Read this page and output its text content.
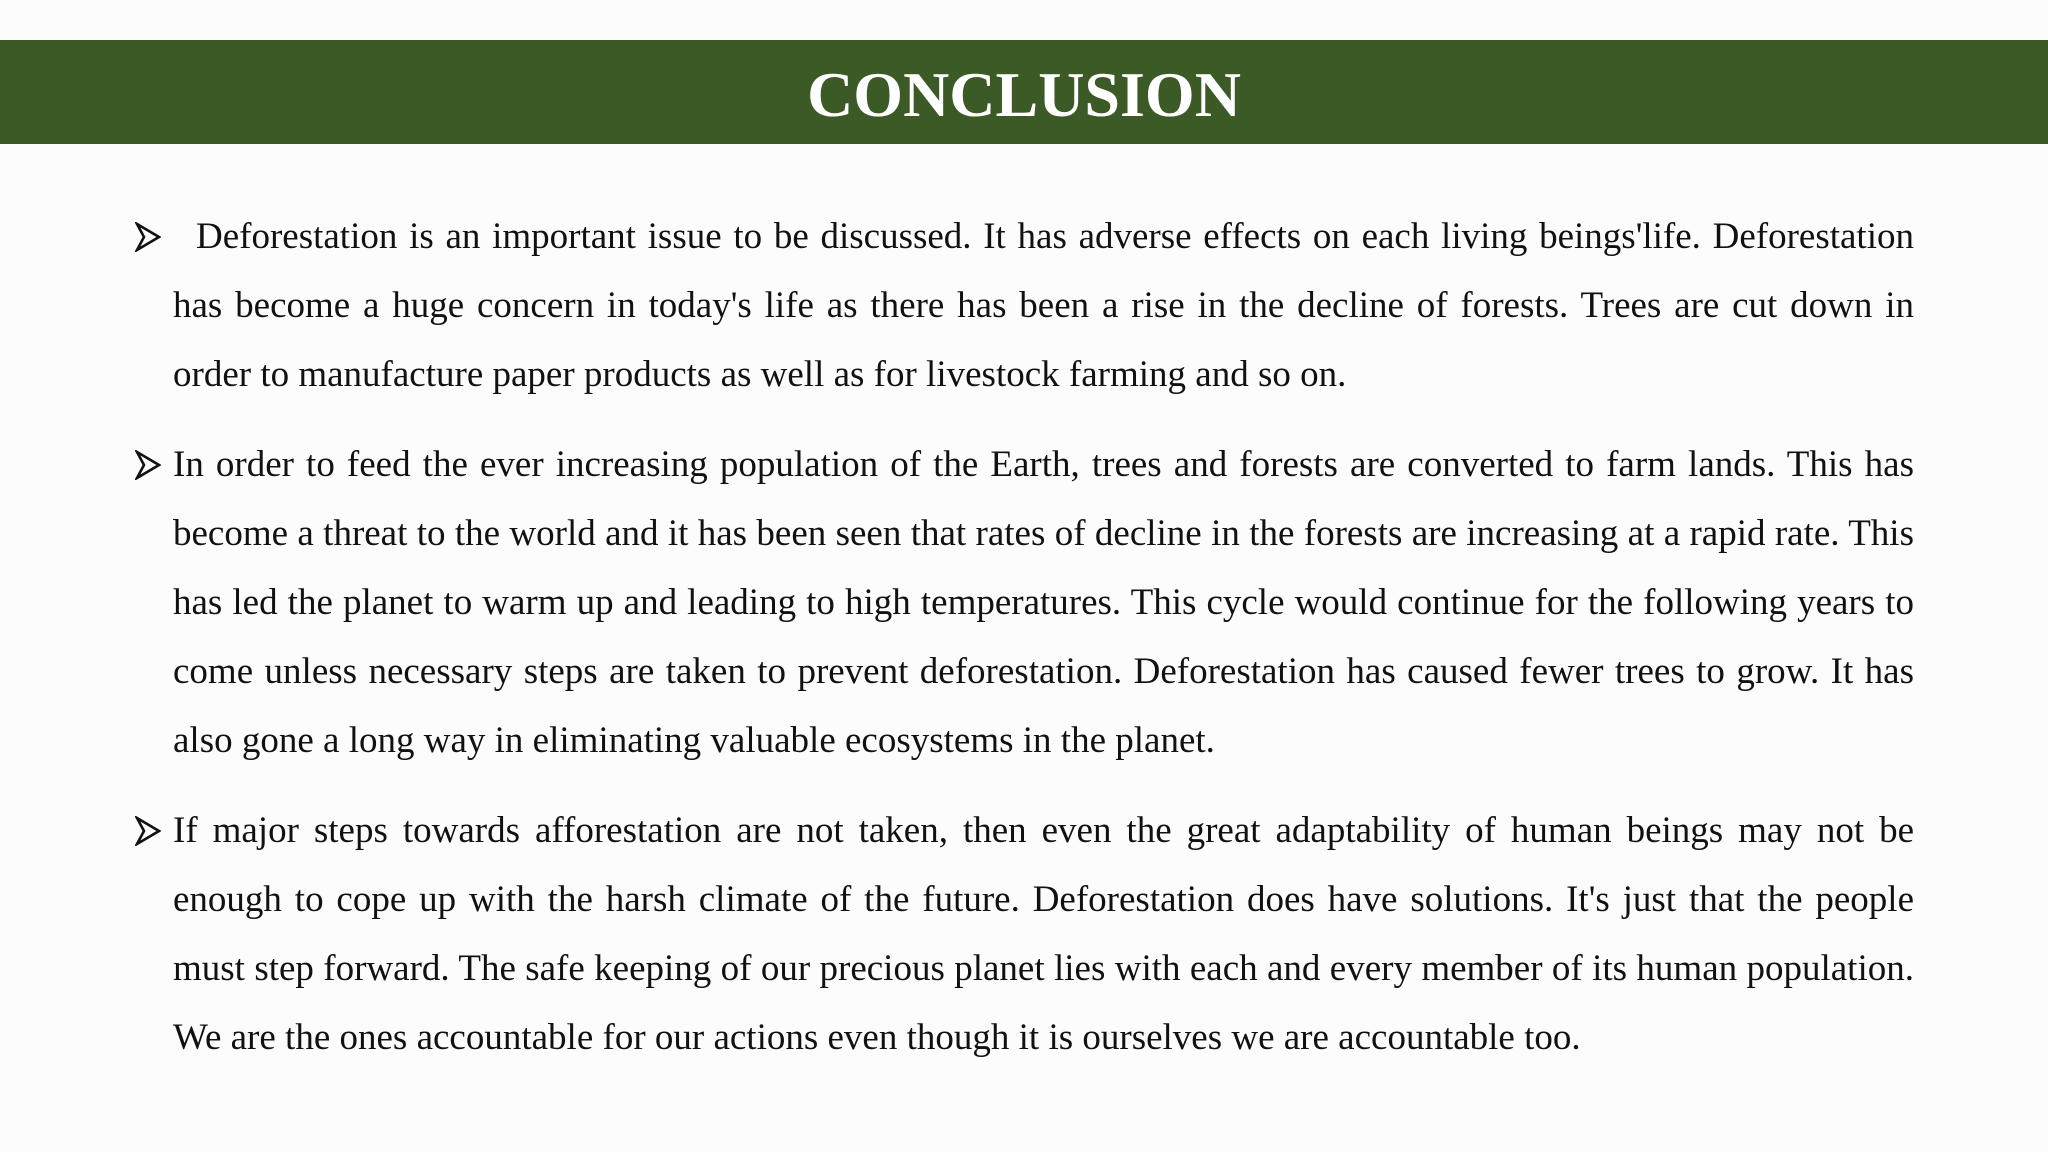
CONCLUSION

Deforestation is an important issue to be discussed. It has adverse effects on each living beings'life. Deforestation has become a huge concern in today's life as there has been a rise in the decline of forests. Trees are cut down in order to manufacture paper products as well as for livestock farming and so on.

In order to feed the ever increasing population of the Earth, trees and forests are converted to farm lands. This has become a threat to the world and it has been seen that rates of decline in the forests are increasing at a rapid rate. This has led the planet to warm up and leading to high temperatures. This cycle would continue for the following years to come unless necessary steps are taken to prevent deforestation. Deforestation has caused fewer trees to grow. It has also gone a long way in eliminating valuable ecosystems in the planet.

If major steps towards afforestation are not taken, then even the great adaptability of human beings may not be enough to cope up with the harsh climate of the future. Deforestation does have solutions. It's just that the people must step forward. The safe keeping of our precious planet lies with each and every member of its human population. We are the ones accountable for our actions even though it is ourselves we are accountable too.
